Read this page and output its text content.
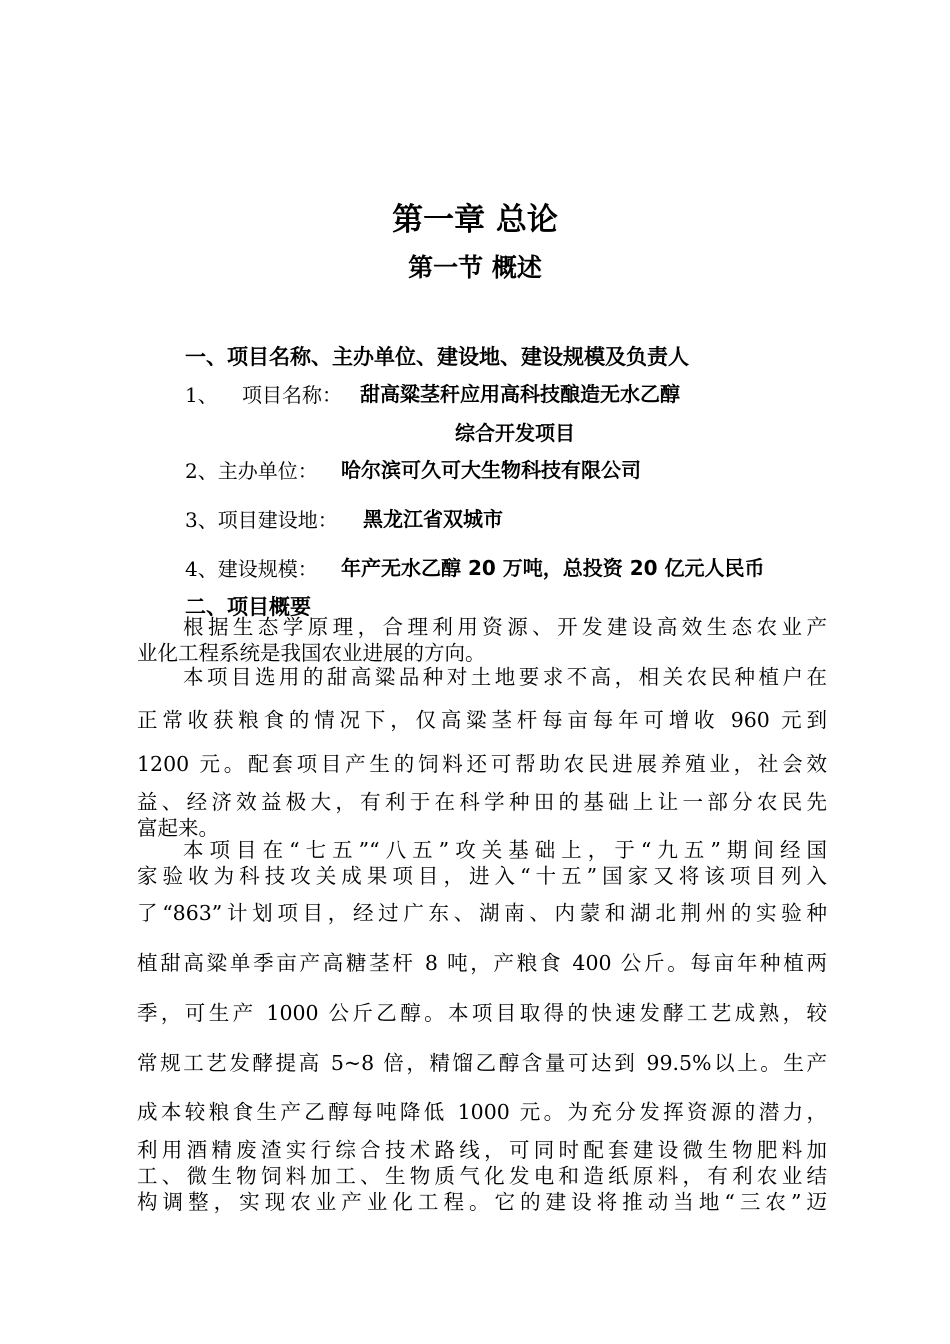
第一章 总论
第一节 概述
一、项目名称、主办单位、建设地、建设规模及负责人
1、 项目名称： 甜高粱茎秆应用高科技酿造无水乙醇
综合开发项目
2、主办单位： 哈尔滨可久可大生物科技有限公司
3、项目建设地： 黑龙江省双城市
4、建设规模： 年产无水乙醇 20 万吨，总投资 20 亿元人民币
二、项目概要
根据生态学原理，合理利用资源、开发建设高效生态农业产
业化工程系统是我国农业进展的方向。
本项目选用的甜高粱品种对土地要求不高，相关农民种植户在
正常收获粮食的情况下，仅高粱茎杆每亩每年可增收 960 元到
1200 元。配套项目产生的饲料还可帮助农民进展养殖业，社会效
益、经济效益极大，有利于在科学种田的基础上让一部分农民先
富起来。
本项目在“七五”“八五”攻关基础上，于“九五”期间经国
家验收为科技攻关成果项目，进入“十五”国家又将该项目列入
了“863”计划项目，经过广东、湖南、内蒙和湖北荆州的实验种
植甜高粱单季亩产高糖茎杆 8 吨，产粮食 400 公斤。每亩年种植两
季，可生产 1000 公斤乙醇。本项目取得的快速发酵工艺成熟，较
常规工艺发酵提高 5~8 倍，精馏乙醇含量可达到 99.5%以上。生产
成本较粮食生产乙醇每吨降低 1000 元。为充分发挥资源的潜力，
利用酒精废渣实行综合技术路线，可同时配套建设微生物肥料加
工、微生物饲料加工、生物质气化发电和造纸原料，有利农业结
构调整，实现农业产业化工程。它的建设将推动当地“三农”迈
